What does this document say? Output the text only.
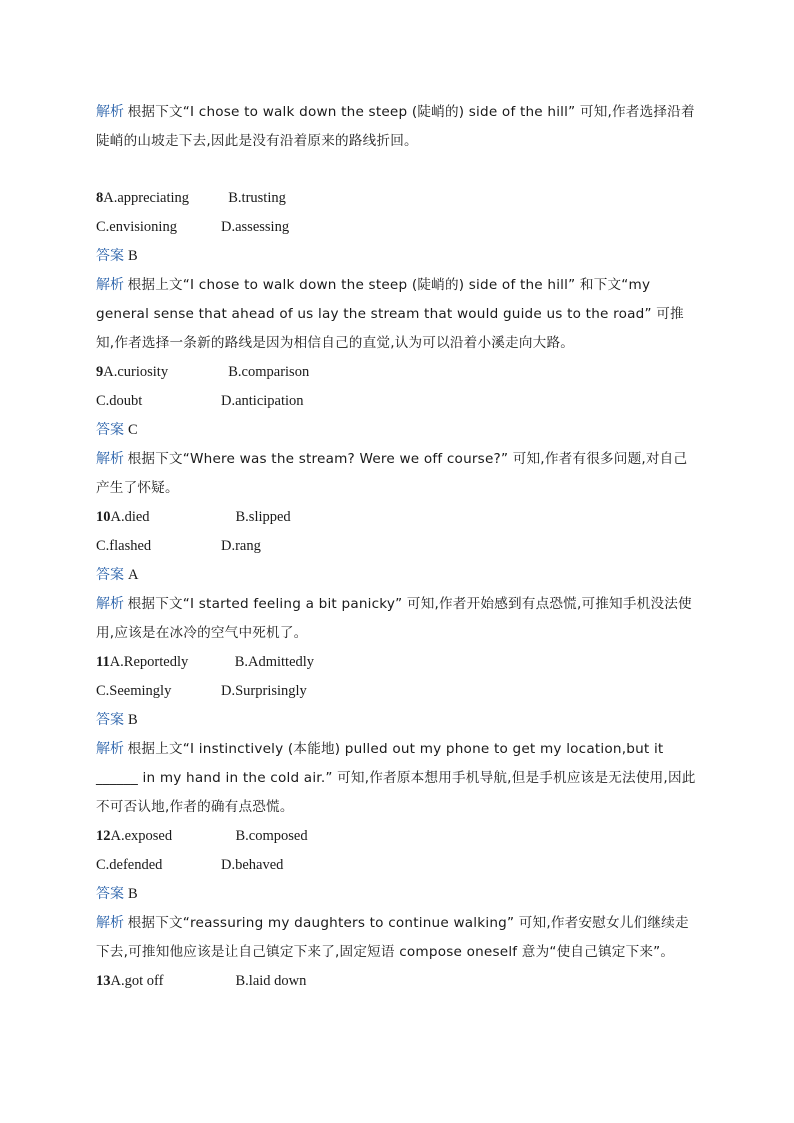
解析 根据下文“I chose to walk down the steep (陡峭的) side of the hill” 可知,作者选择沿着陡峭的山坡走下去,因此是没有沿着原来的路线折回。
8A.appreciating	B.trusting
C.envisioning	D.assessing
答案 B
解析 根据上文“I chose to walk down the steep (陡峭的) side of the hill” 和下文“my general sense that ahead of us lay the stream that would guide us to the road” 可推知,作者选择一条新的路线是因为相信自己的直觉,认为可以沿着小溪走向大路。
9A.curiosity	B.comparison
C.doubt	D.anticipation
答案 C
解析 根据下文“Where was the stream? Were we off course?” 可知,作者有很多问题,对自己产生了怀疑。
10A.died	B.slipped
C.flashed	D.rang
答案 A
解析 根据下文“I started feeling a bit panicky” 可知,作者开始感到有点恐慌,可推知手机没法使用,应该是在冰冷的空气中死机了。
11A.Reportedly	B.Admittedly
C.Seemingly	D.Surprisingly
答案 B
解析 根据上文“I instinctively (本能地) pulled out my phone to get my location,but it ______ in my hand in the cold air.” 可知,作者原本想用手机导航,但是手机应该是无法使用,因此不可否认地,作者的确有点恐慌。
12A.exposed	B.composed
C.defended	D.behaved
答案 B
解析 根据下文“reassuring my daughters to continue walking” 可知,作者安慰女儿们继续走下去,可推知他应该是让自己镇定下来了,固定短语 compose oneself 意为“使自己镇定下来”。
13A.got off	B.laid down
